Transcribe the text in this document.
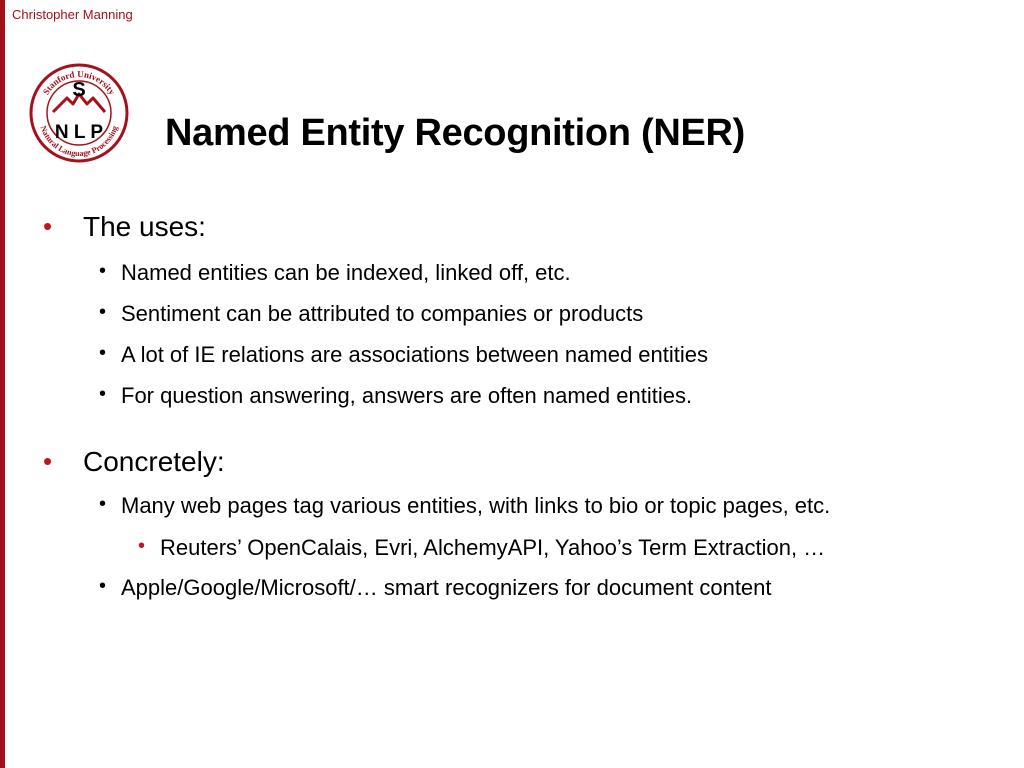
Christopher Manning
Stanford University
Natural Language Processing
S
N L P Named Entity Recognition (NER)
• The uses:
• Named entities can be indexed, linked off, etc.
• Sentiment can be attributed to companies or products
• A lot of IE relations are associations between named entities
• For question answering, answers are often named entities.
• Concretely:
• Many web pages tag various entities, with links to bio or topic pages, etc.
• Reuters’ OpenCalais, Evri, AlchemyAPI, Yahoo’s Term Extraction, …
• Apple/Google/Microsoft/… smart recognizers for document content
